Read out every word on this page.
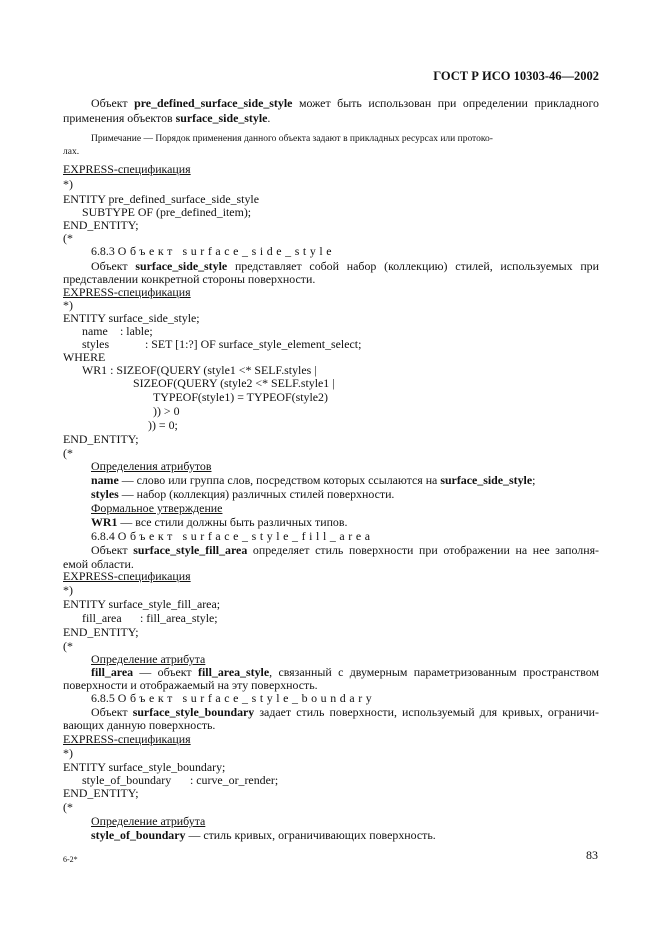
ГОСТ Р ИСО 10303-46—2002
Объект pre_defined_surface_side_style может быть использован при определении прикладного
применения объектов surface_side_style.
Примечание — Порядок применения данного объекта задают в прикладных ресурсах или протоко-
лах.
EXPRESS-спецификация
*)
ENTITY pre_defined_surface_side_style
SUBTYPE OF (pre_defined_item);
END_ENTITY;
(*
6.8.3 Объект surface_side_style
Объект surface_side_style представляет собой набор (коллекцию) стилей, используемых при
представлении конкретной стороны поверхности.
EXPRESS-спецификация
*)
ENTITY surface_side_style;
name : lable;
styles	: SET [1:?] OF surface_style_element_select;
WHERE
WR1 : SIZEOF(QUERY (style1 <* SELF.styles |
SIZEOF(QUERY (style2 <* SELF.style1 |
TYPEOF(style1) = TYPEOF(style2)
)) > 0
)) = 0;
END_ENTITY;
(*
Определения атрибутов
name — слово или группа слов, посредством которых ссылаются на surface_side_style;
styles — набор (коллекция) различных стилей поверхности.
Формальное утверждение
WR1 — все стили должны быть различных типов.
6.8.4 Объект surface_style_fill_area
Объект surface_style_fill_area определяет стиль поверхности при отображении на нее заполня-
емой области.
EXPRESS-спецификация
*)
ENTITY surface_style_fill_area;
fill_area : fill_area_style;
END_ENTITY;
(*
Определение атрибута
fill_area — объект fill_area_style, связанный с двумерным параметризованным пространством
поверхности и отображаемый на эту поверхность.
6.8.5 Объект surface_style_boundary
Объект surface_style_boundary задает стиль поверхности, используемый для кривых, ограничи-
вающих данную поверхность.
EXPRESS-спецификация
*)
ENTITY surface_style_boundary;
style_of_boundary : curve_or_render;
END_ENTITY;
(*
Определение атрибута
style_of_boundary — стиль кривых, ограничивающих поверхность.
6-2*	83
